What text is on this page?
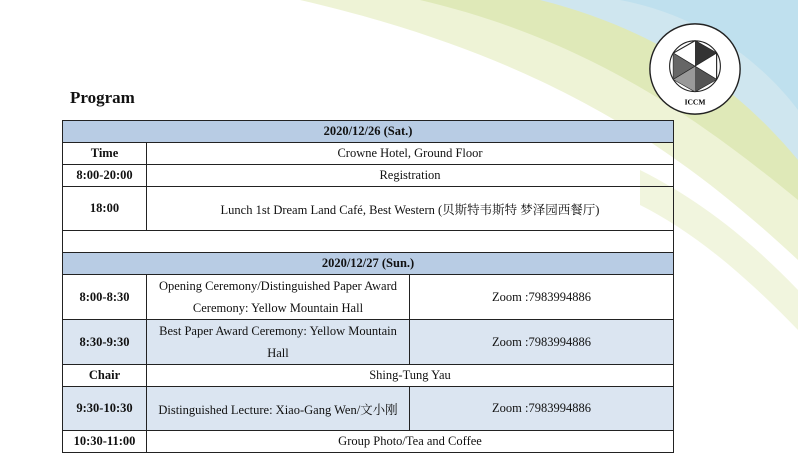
ICCM
Program
2020/12/26 (Sat.)		
Time	Crowne Hotel, Ground Floor	
8:00-20:00	Registration	
18:00	Lunch 1st Dream Land Café, Best Western (贝斯特韦斯特 梦泽园西餐厅)	

2020/12/27 (Sun.)		
8:00-8:30	Opening Ceremony/Distinguished Paper Award Ceremony: Yellow Mountain Hall	Zoom :7983994886
8:30-9:30	Best Paper Award Ceremony: Yellow Mountain Hall	Zoom :7983994886
Chair	Shing-Tung Yau	
9:30-10:30	Distinguished Lecture: Xiao-Gang Wen/文小刚	Zoom :7983994886
10:30-11:00	Group Photo/Tea and Coffee	
